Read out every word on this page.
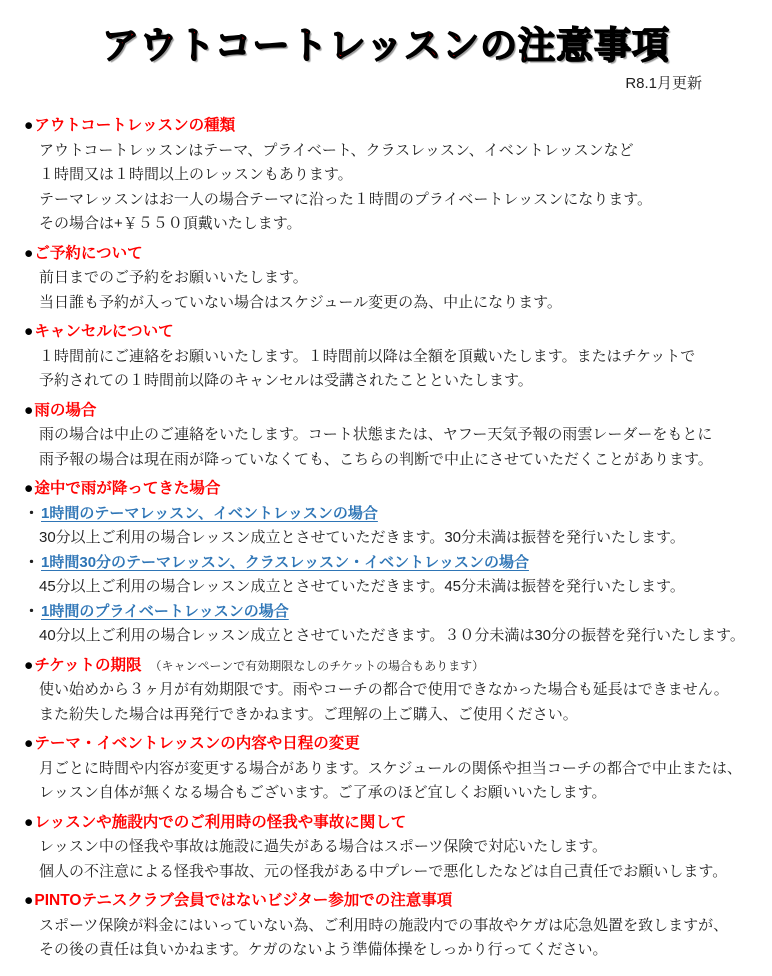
アウトコートレッスンの注意事項
R8.1月更新
●アウトコートレッスンの種類
アウトコートレッスンはテーマ、プライベート、クラスレッスン、イベントレッスンなど
１時間又は１時間以上のレッスンもあります。
テーマレッスンはお一人の場合テーマに沿った１時間のプライベートレッスンになります。
その場合は+￥５５０頂戴いたします。
●ご予約について
前日までのご予約をお願いいたします。
当日誰も予約が入っていない場合はスケジュール変更の為、中止になります。
●キャンセルについて
１時間前にご連絡をお願いいたします。１時間前以降は全額を頂戴いたします。またはチケットで
予約されての１時間前以降のキャンセルは受講されたことといたします。
●雨の場合
雨の場合は中止のご連絡をいたします。コート状態または、ヤフー天気予報の雨雲レーダーをもとに
雨予報の場合は現在雨が降っていなくても、こちらの判断で中止にさせていただくことがあります。
●途中で雨が降ってきた場合
・ 1時間のテーマレッスン、イベントレッスンの場合
30分以上ご利用の場合レッスン成立とさせていただきます。30分未満は振替を発行いたします。
・ 1時間30分のテーマレッスン、クラスレッスン・イベントレッスンの場合
45分以上ご利用の場合レッスン成立とさせていただきます。45分未満は振替を発行いたします。
・ 1時間のプライベートレッスンの場合
40分以上ご利用の場合レッスン成立とさせていただきます。３０分未満は30分の振替を発行いたします。
●チケットの期限 （キャンペーンで有効期限なしのチケットの場合もあります）
使い始めから３ヶ月が有効期限です。雨やコーチの都合で使用できなかった場合も延長はできません。
また紛失した場合は再発行できかねます。ご理解の上ご購入、ご使用ください。
●テーマ・イベントレッスンの内容や日程の変更
月ごとに時間や内容が変更する場合があります。スケジュールの関係や担当コーチの都合で中止または、
レッスン自体が無くなる場合もございます。ご了承のほど宜しくお願いいたします。
●レッスンや施設内でのご利用時の怪我や事故に関して
レッスン中の怪我や事故は施設に過失がある場合はスポーツ保険で対応いたします。
個人の不注意による怪我や事故、元の怪我がある中プレーで悪化したなどは自己責任でお願いします。
●PINTOテニスクラブ会員ではないビジター参加での注意事項
スポーツ保険が料金にはいっていない為、ご利用時の施設内での事故やケガは応急処置を致しますが、
その後の責任は負いかねます。ケガのないよう準備体操をしっかり行ってください。
